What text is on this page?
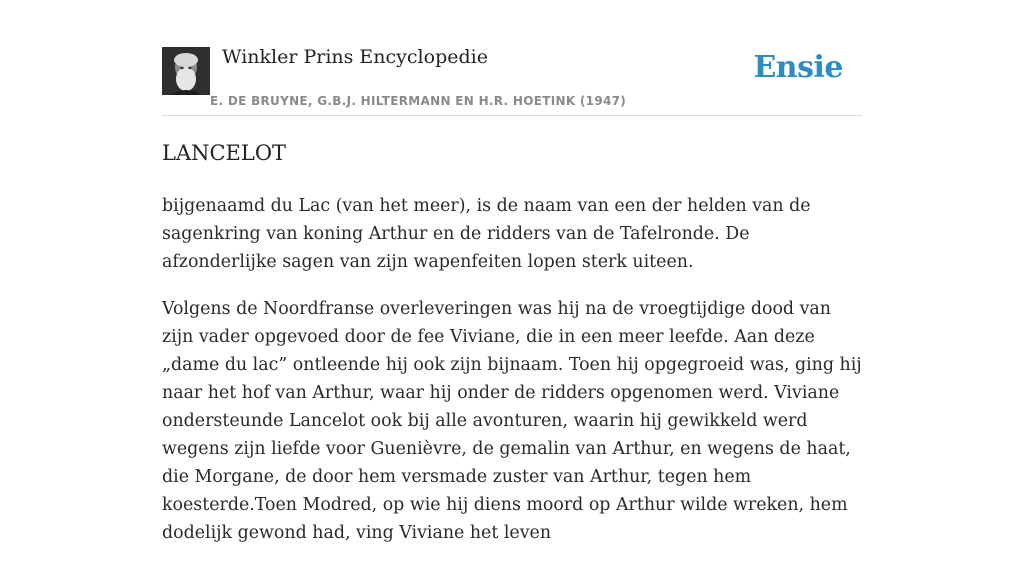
Winkler Prins Encyclopedie
E. DE BRUYNE, G.B.J. HILTERMANN EN H.R. HOETINK (1947)
Ensie
LANCELOT

bijgenaamd du Lac (van het meer), is de naam van een der helden van de sagenkring van koning Arthur en de ridders van de Tafelronde. De afzonderlijke sagen van zijn wapenfeiten lopen sterk uiteen.

Volgens de Noordfranse overleveringen was hij na de vroegtijdige dood van zijn vader opgevoed door de fee Viviane, die in een meer leefde. Aan deze „dame du lac” ontleende hij ook zijn bijnaam. Toen hij opgegroeid was, ging hij naar het hof van Arthur, waar hij onder de ridders opgenomen werd. Viviane ondersteunde Lancelot ook bij alle avonturen, waarin hij gewikkeld werd wegens zijn liefde voor Guenièvre, de gemalin van Arthur, en wegens de haat, die Morgane, de door hem versmade zuster van Arthur, tegen hem koesterde.Toen Modred, op wie hij diens moord op Arthur wilde wreken, hem dodelijk gewond had, ving Viviane het leven
